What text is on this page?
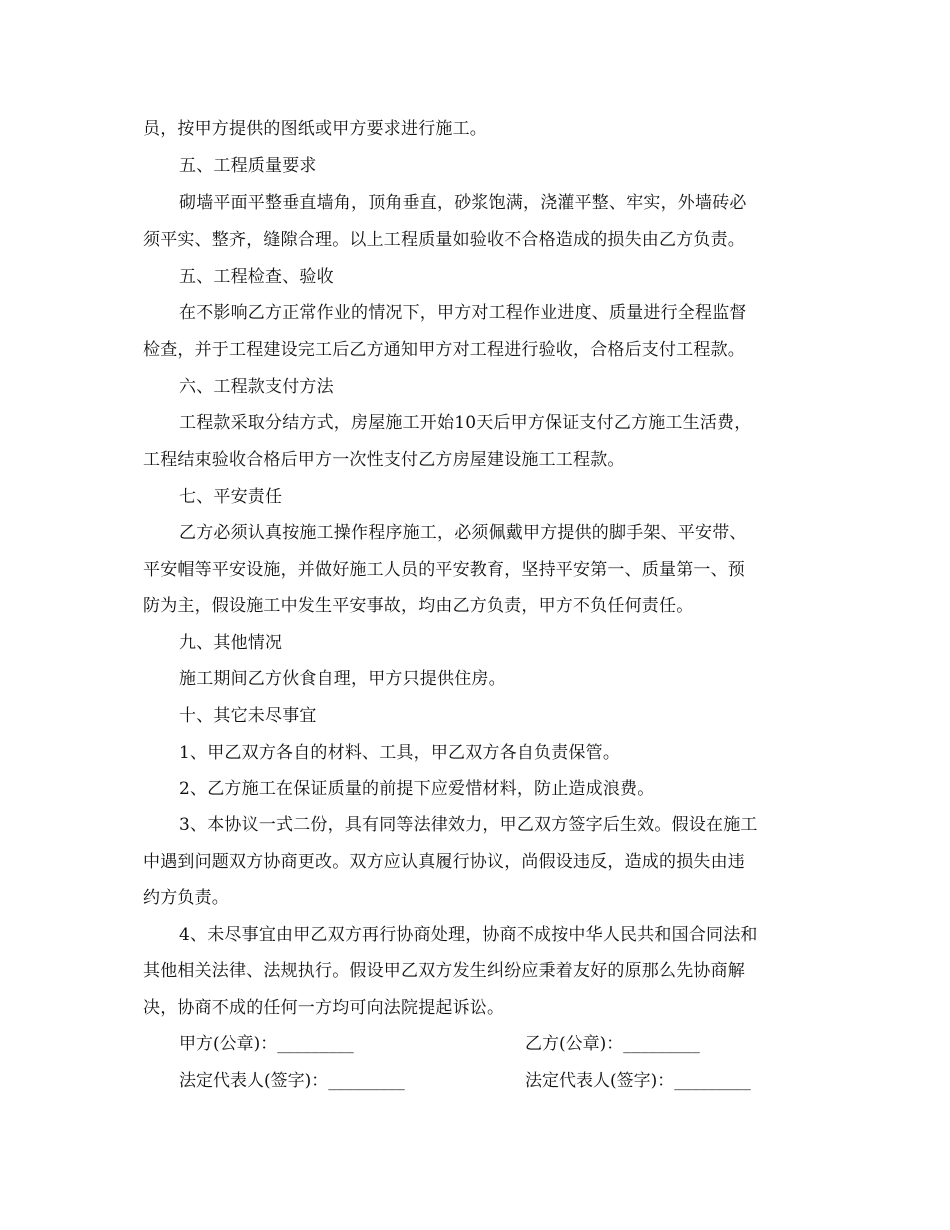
员，按甲方提供的图纸或甲方要求进行施工。
五、工程质量要求
砌墙平面平整垂直墙角，顶角垂直，砂浆饱满，浇灌平整、牢实，外墙砖必
须平实、整齐，缝隙合理。以上工程质量如验收不合格造成的损失由乙方负责。
五、工程检查、验收
在不影响乙方正常作业的情况下，甲方对工程作业进度、质量进行全程监督
检查，并于工程建设完工后乙方通知甲方对工程进行验收，合格后支付工程款。
六、工程款支付方法
工程款采取分结方式，房屋施工开始10天后甲方保证支付乙方施工生活费，
工程结束验收合格后甲方一次性支付乙方房屋建设施工工程款。
七、平安责任
乙方必须认真按施工操作程序施工，必须佩戴甲方提供的脚手架、平安带、
平安帽等平安设施，并做好施工人员的平安教育，坚持平安第一、质量第一、预
防为主，假设施工中发生平安事故，均由乙方负责，甲方不负任何责任。
九、其他情况
施工期间乙方伙食自理，甲方只提供住房。
十、其它未尽事宜
1、甲乙双方各自的材料、工具，甲乙双方各自负责保管。
2、乙方施工在保证质量的前提下应爱惜材料，防止造成浪费。
3、本协议一式二份，具有同等法律效力，甲乙双方签字后生效。假设在施工
中遇到问题双方协商更改。双方应认真履行协议，尚假设违反，造成的损失由违
约方负责。
4、未尽事宜由甲乙双方再行协商处理，协商不成按中华人民共和国合同法和
其他相关法律、法规执行。假设甲乙双方发生纠纷应秉着友好的原那么先协商解
决，协商不成的任何一方均可向法院提起诉讼。
甲方(公章)：_________	乙方(公章)：_________
法定代表人(签字)：_________	法定代表人(签字)：_________
